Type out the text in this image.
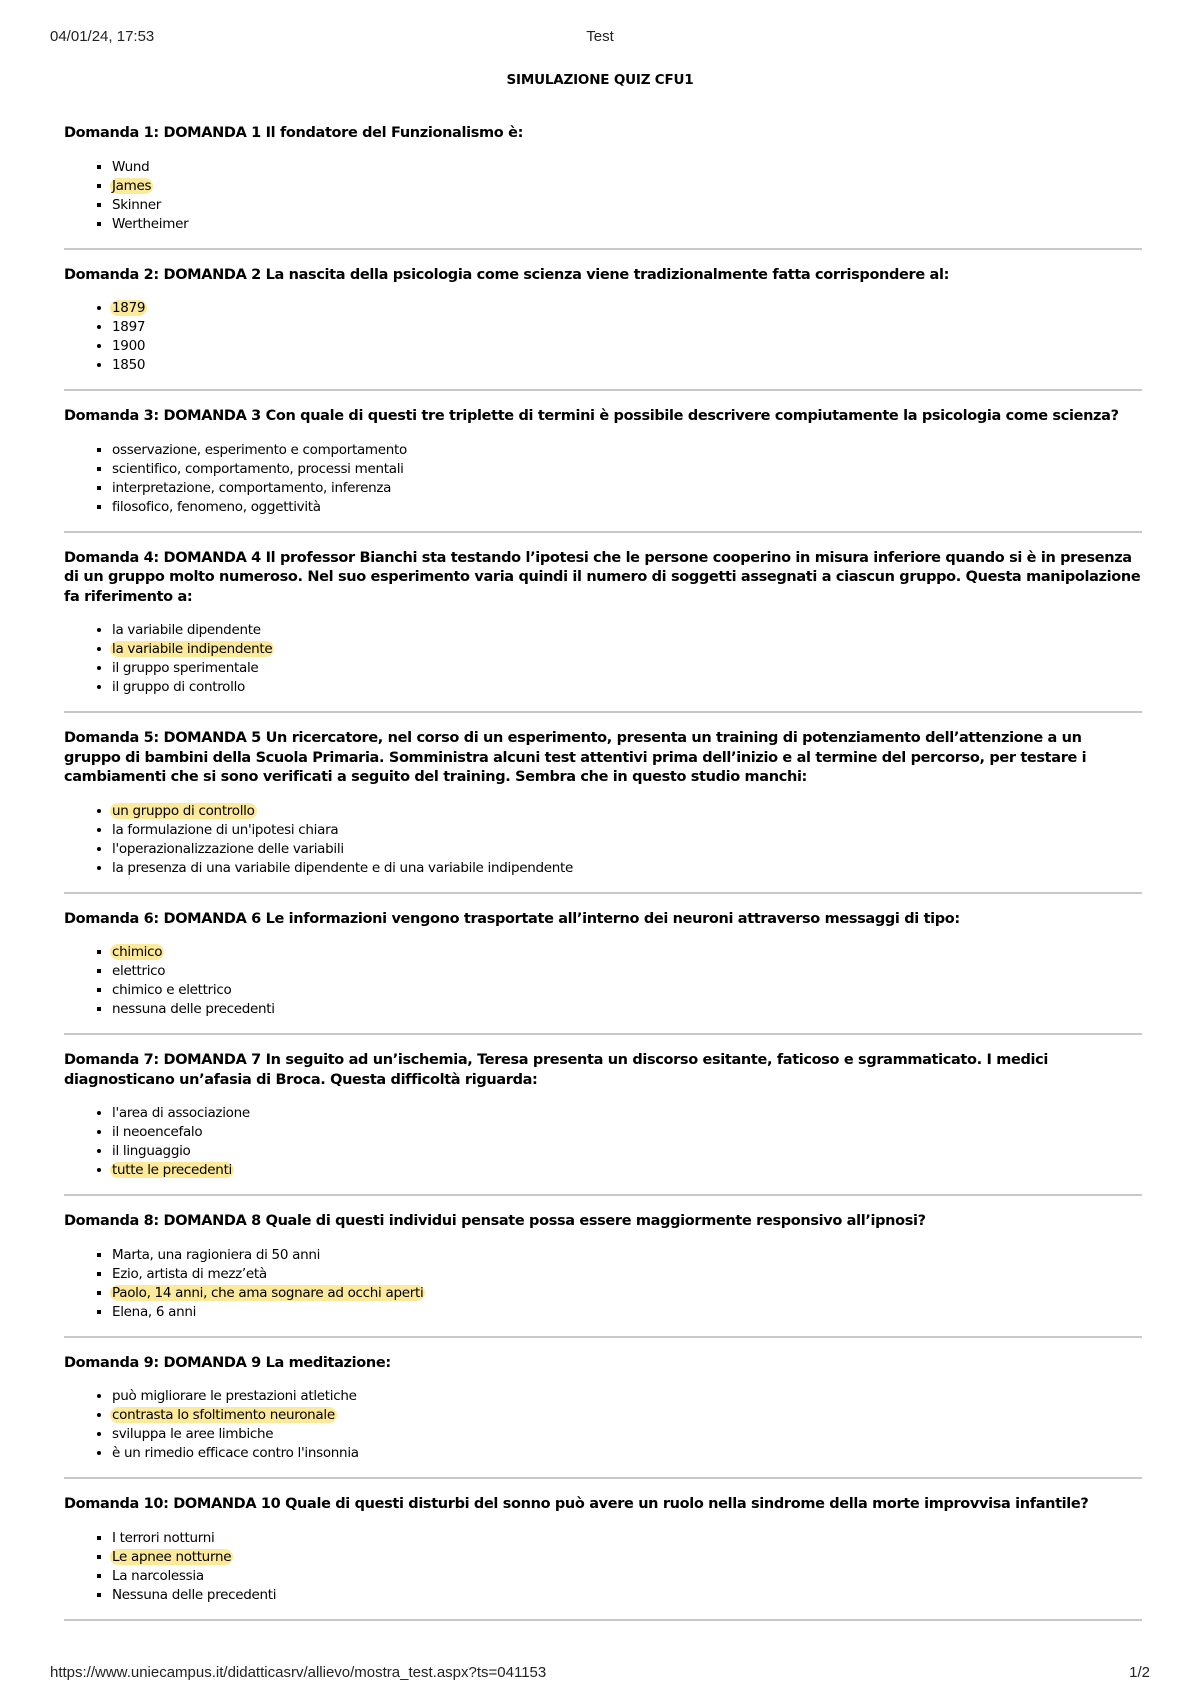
04/01/24, 17:53	Test
SIMULAZIONE QUIZ CFU1

Domanda 1: DOMANDA 1 Il fondatore del Funzionalismo è:

▪ Wund
▪ James
▪ Skinner
▪ Wertheimer

Domanda 2: DOMANDA 2 La nascita della psicologia come scienza viene tradizionalmente fatta corrispondere al:

• 1879
• 1897
• 1900
• 1850

Domanda 3: DOMANDA 3 Con quale di questi tre triplette di termini è possibile descrivere compiutamente la psicologia come scienza?

▪ osservazione, esperimento e comportamento
▪ scientifico, comportamento, processi mentali
▪ interpretazione, comportamento, inferenza
▪ filosofico, fenomeno, oggettività

Domanda 4: DOMANDA 4 Il professor Bianchi sta testando l’ipotesi che le persone cooperino in misura inferiore quando si è in presenza di un gruppo molto numeroso. Nel suo esperimento varia quindi il numero di soggetti assegnati a ciascun gruppo. Questa manipolazione fa riferimento a:

• la variabile dipendente
• la variabile indipendente
• il gruppo sperimentale
• il gruppo di controllo

Domanda 5: DOMANDA 5 Un ricercatore, nel corso di un esperimento, presenta un training di potenziamento dell’attenzione a un gruppo di bambini della Scuola Primaria. Somministra alcuni test attentivi prima dell’inizio e al termine del percorso, per testare i cambiamenti che si sono verificati a seguito del training. Sembra che in questo studio manchi:

• un gruppo di controllo
• la formulazione di un'ipotesi chiara
• l'operazionalizzazione delle variabili
• la presenza di una variabile dipendente e di una variabile indipendente

Domanda 6: DOMANDA 6 Le informazioni vengono trasportate all’interno dei neuroni attraverso messaggi di tipo:

▪ chimico
▪ elettrico
▪ chimico e elettrico
▪ nessuna delle precedenti

Domanda 7: DOMANDA 7 In seguito ad un’ischemia, Teresa presenta un discorso esitante, faticoso e sgrammaticato. I medici diagnosticano un’afasia di Broca. Questa difficoltà riguarda:

• l'area di associazione
• il neoencefalo
• il linguaggio
• tutte le precedenti

Domanda 8: DOMANDA 8 Quale di questi individui pensate possa essere maggiormente responsivo all’ipnosi?

▪ Marta, una ragioniera di 50 anni
▪ Ezio, artista di mezz’età
▪ Paolo, 14 anni, che ama sognare ad occhi aperti
▪ Elena, 6 anni

Domanda 9: DOMANDA 9 La meditazione:

• può migliorare le prestazioni atletiche
• contrasta lo sfoltimento neuronale
• sviluppa le aree limbiche
• è un rimedio efficace contro l'insonnia

Domanda 10: DOMANDA 10 Quale di questi disturbi del sonno può avere un ruolo nella sindrome della morte improvvisa infantile?

▪ I terrori notturni
▪ Le apnee notturne
▪ La narcolessia
▪ Nessuna delle precedenti
https://www.uniecampus.it/didatticasrv/allievo/mostra_test.aspx?ts=041153	1/2
